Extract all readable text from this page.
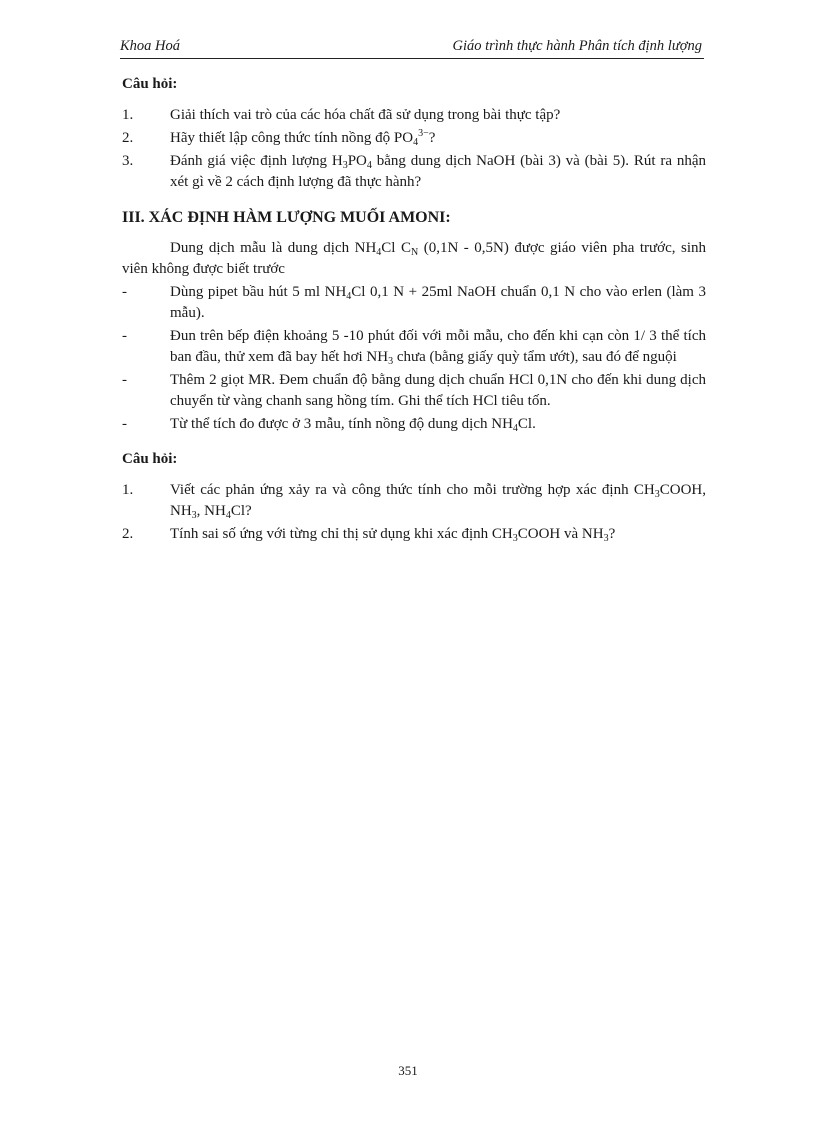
Khoa Hoá	Giáo trình thực hành Phân tích định lượng
Câu hỏi:
1. Giải thích vai trò của các hóa chất đã sử dụng trong bài thực tập?
2. Hãy thiết lập công thức tính nồng độ $PO_4^{3-}$?
3. Đánh giá việc định lượng $H_3PO_4$ bằng dung dịch NaOH (bài 3) và (bài 5). Rút ra nhận xét gì về 2 cách định lượng đã thực hành?
III. XÁC ĐỊNH HÀM LƯỢNG MUỐI AMONI:
Dung dịch mẫu là dung dịch $NH_4Cl$ $C_N$ (0,1N - 0,5N) được giáo viên pha trước, sinh viên không được biết trước
-	Dùng pipet bầu hút 5 ml $NH_4Cl$ 0,1 N + 25ml NaOH chuẩn 0,1 N cho vào erlen (làm 3 mẫu).
-	Đun trên bếp điện khoảng 5 -10 phút đối với mỗi mẫu, cho đến khi cạn còn 1/ 3 thể tích ban đầu, thử xem đã bay hết hơi $NH_3$ chưa (bằng giấy quỳ tẩm ướt), sau đó để nguội
-	Thêm 2 giọt MR. Đem chuẩn độ bằng dung dịch chuẩn HCl 0,1N cho đến khi dung dịch chuyển từ vàng chanh sang hồng tím. Ghi thể tích HCl tiêu tốn.
-	Từ thể tích đo được ở 3 mẫu, tính nồng độ dung dịch $NH_4Cl$.
Câu hỏi:
1. Viết các phản ứng xảy ra và công thức tính cho mỗi trường hợp xác định $CH_3COOH$, $NH_3$, $NH_4Cl$?
2. Tính sai số ứng với từng chỉ thị sử dụng khi xác định $CH_3COOH$ và $NH_3$?
351
